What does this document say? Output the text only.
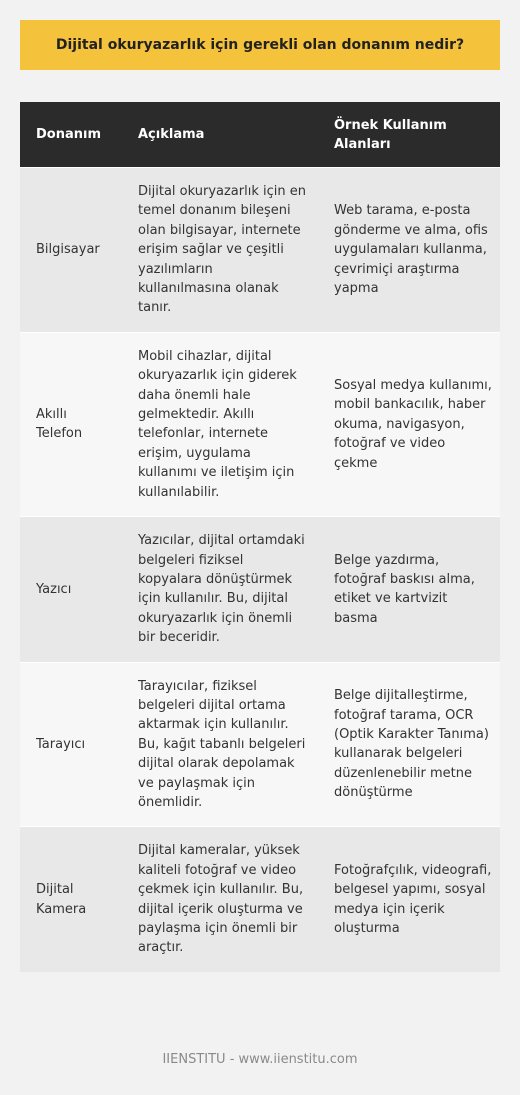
Dijital okuryazarlık için gerekli olan donanım nedir?
Donanım	Açıklama	Örnek Kullanım Alanları
Bilgisayar	Dijital okuryazarlık için en temel donanım bileşeni olan bilgisayar, internete erişim sağlar ve çeşitli yazılımların kullanılmasına olanak tanır.	Web tarama, e-posta gönderme ve alma, ofis uygulamaları kullanma, çevrimiçi araştırma yapma
Akıllı Telefon	Mobil cihazlar, dijital okuryazarlık için giderek daha önemli hale gelmektedir. Akıllı telefonlar, internete erişim, uygulama kullanımı ve iletişim için kullanılabilir.	Sosyal medya kullanımı, mobil bankacılık, haber okuma, navigasyon, fotoğraf ve video çekme
Yazıcı	Yazıcılar, dijital ortamdaki belgeleri fiziksel kopyalara dönüştürmek için kullanılır. Bu, dijital okuryazarlık için önemli bir beceridir.	Belge yazdırma, fotoğraf baskısı alma, etiket ve kartvizit basma
Tarayıcı	Tarayıcılar, fiziksel belgeleri dijital ortama aktarmak için kullanılır. Bu, kağıt tabanlı belgeleri dijital olarak depolamak ve paylaşmak için önemlidir.	Belge dijitalleştirme, fotoğraf tarama, OCR (Optik Karakter Tanıma) kullanarak belgeleri düzenlenebilir metne dönüştürme
Dijital Kamera	Dijital kameralar, yüksek kaliteli fotoğraf ve video çekmek için kullanılır. Bu, dijital içerik oluşturma ve paylaşma için önemli bir araçtır.	Fotoğrafçılık, videografi, belgesel yapımı, sosyal medya için içerik oluşturma
IIENSTITU - www.iienstitu.com
